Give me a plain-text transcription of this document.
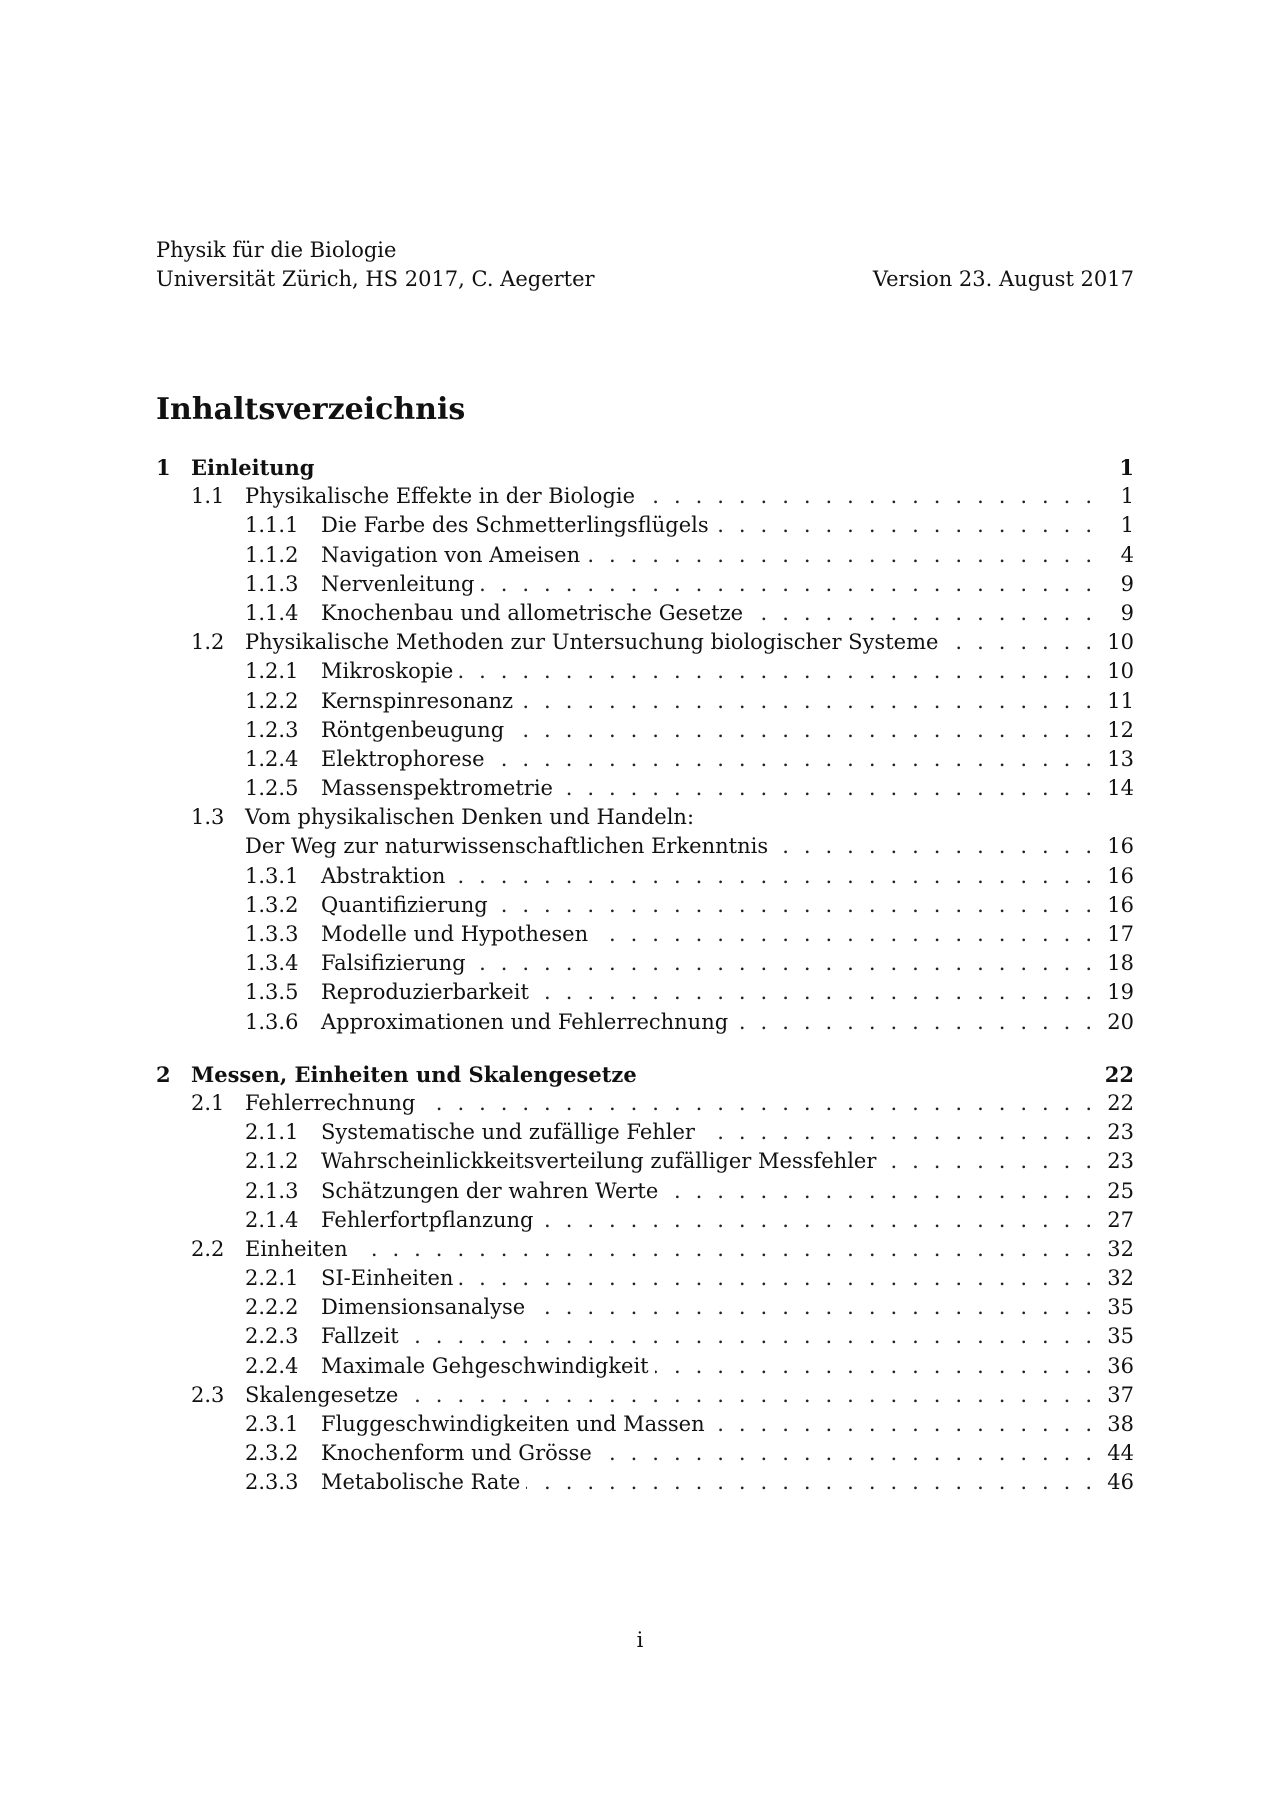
Physik für die Biologie
Universität Zürich, HS 2017, C. Aegerter	Version 23. August 2017
Inhaltsverzeichnis
1 Einleitung	1
1.1 Physikalische Effekte in der Biologie . . .	1
1.1.1	Die Farbe des Schmetterlingsflügels . . .	1
1.1.2	Navigation von Ameisen . . .	4
1.1.3	Nervenleitung . . .	9
1.1.4	Knochenbau und allometrische Gesetze . . .	9
1.2 Physikalische Methoden zur Untersuchung biologischer Systeme . . .	10
1.2.1	Mikroskopie . . .	10
1.2.2	Kernspinresonanz . . .	11
1.2.3	Röntgenbeugung . . .	12
1.2.4	Elektrophorese . . .	13
1.2.5	Massenspektrometrie . . .	14
1.3 Vom physikalischen Denken und Handeln:
Der Weg zur naturwissenschaftlichen Erkenntnis . . .	16
1.3.1	Abstraktion . . .	16
1.3.2	Quantifizierung . . .	16
1.3.3	Modelle und Hypothesen . . .	17
1.3.4	Falsifizierung . . .	18
1.3.5	Reproduzierbarkeit . . .	19
1.3.6	Approximationen und Fehlerrechnung . . .	20
2 Messen, Einheiten und Skalengesetze	22
2.1 Fehlerrechnung . . .	22
2.1.1	Systematische und zufällige Fehler . . .	23
2.1.2	Wahrscheinlickkeitsverteilung zufälliger Messfehler . . .	23
2.1.3	Schätzungen der wahren Werte . . .	25
2.1.4	Fehlerfortpflanzung . . .	27
2.2 Einheiten . . .	32
2.2.1	SI-Einheiten . . .	32
2.2.2	Dimensionsanalyse . . .	35
2.2.3	Fallzeit . . .	35
2.2.4	Maximale Gehgeschwindigkeit . . .	36
2.3 Skalengesetze . . .	37
2.3.1	Fluggeschwindigkeiten und Massen . . .	38
2.3.2	Knochenform und Grösse . . .	44
2.3.3	Metabolische Rate . . .	46
i
